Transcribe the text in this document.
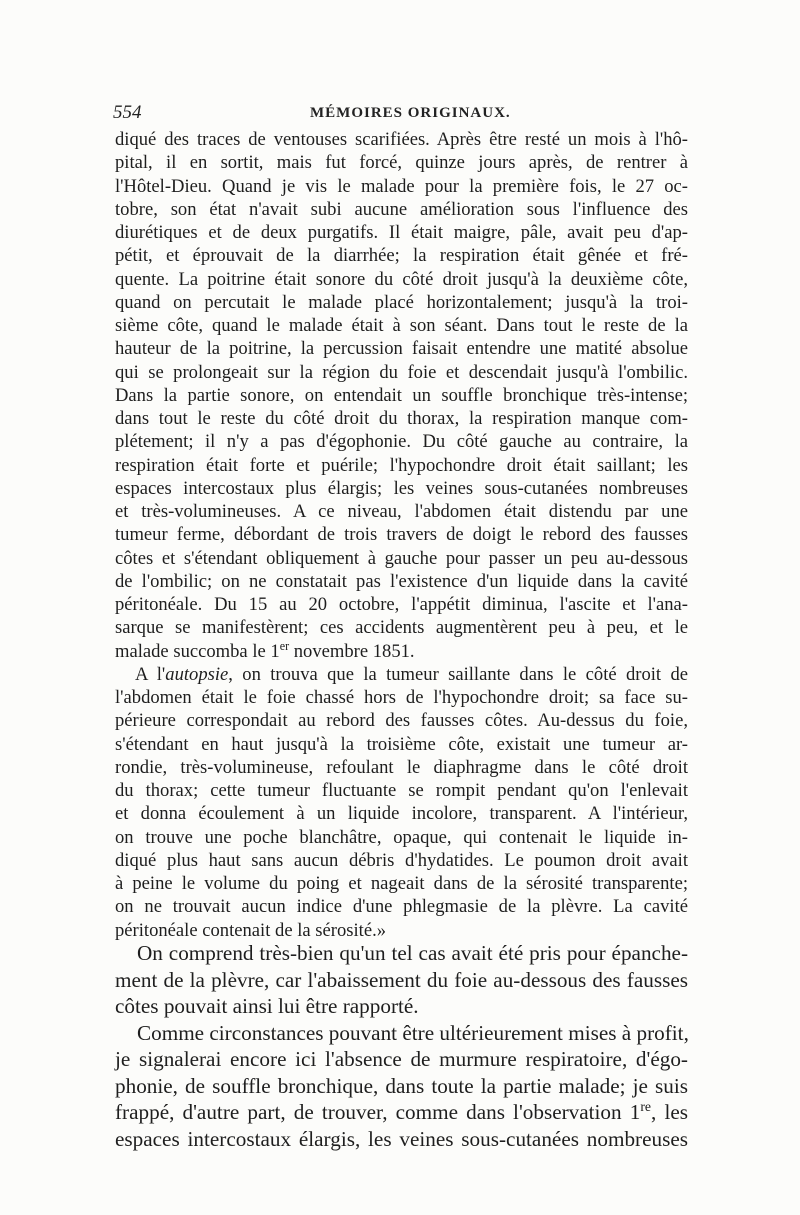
554	MÉMOIRES ORIGINAUX.
diqué des traces de ventouses scarifiées. Après être resté un mois à l'hô-
pital, il en sortit, mais fut forcé, quinze jours après, de rentrer à
l'Hôtel-Dieu. Quand je vis le malade pour la première fois, le 27 oc-
tobre, son état n'avait subi aucune amélioration sous l'influence des
diurétiques et de deux purgatifs. Il était maigre, pâle, avait peu d'ap-
pétit, et éprouvait de la diarrhée; la respiration était gênée et fré-
quente. La poitrine était sonore du côté droit jusqu'à la deuxième côte,
quand on percutait le malade placé horizontalement; jusqu'à la troi-
sième côte, quand le malade était à son séant. Dans tout le reste de la
hauteur de la poitrine, la percussion faisait entendre une matité absolue
qui se prolongeait sur la région du foie et descendait jusqu'à l'ombilic.
Dans la partie sonore, on entendait un souffle bronchique très-intense;
dans tout le reste du côté droit du thorax, la respiration manque com-
plétement; il n'y a pas d'égophonie. Du côté gauche au contraire, la
respiration était forte et puérile; l'hypochondre droit était saillant; les
espaces intercostaux plus élargis; les veines sous-cutanées nombreuses
et très-volumineuses. A ce niveau, l'abdomen était distendu par une
tumeur ferme, débordant de trois travers de doigt le rebord des fausses
côtes et s'étendant obliquement à gauche pour passer un peu au-dessous
de l'ombilic; on ne constatait pas l'existence d'un liquide dans la cavité
péritonéale. Du 15 au 20 octobre, l'appétit diminua, l'ascite et l'ana-
sarque se manifestèrent; ces accidents augmentèrent peu à peu, et le
malade succomba le 1er novembre 1851.
A l'autopsie, on trouva que la tumeur saillante dans le côté droit de
l'abdomen était le foie chassé hors de l'hypochondre droit; sa face su-
périeure correspondait au rebord des fausses côtes. Au-dessus du foie,
s'étendant en haut jusqu'à la troisième côte, existait une tumeur ar-
rondie, très-volumineuse, refoulant le diaphragme dans le côté droit
du thorax; cette tumeur fluctuante se rompit pendant qu'on l'enlevait
et donna écoulement à un liquide incolore, transparent. A l'intérieur,
on trouve une poche blanchâtre, opaque, qui contenait le liquide in-
diqué plus haut sans aucun débris d'hydatides. Le poumon droit avait
à peine le volume du poing et nageait dans de la sérosité transparente;
on ne trouvait aucun indice d'une phlegmasie de la plèvre. La cavité
péritonéale contenait de la sérosité.»
On comprend très-bien qu'un tel cas avait été pris pour épanche-
ment de la plèvre, car l'abaissement du foie au-dessous des fausses
côtes pouvait ainsi lui être rapporté.
Comme circonstances pouvant être ultérieurement mises à profit,
je signalerai encore ici l'absence de murmure respiratoire, d'égo-
phonie, de souffle bronchique, dans toute la partie malade; je suis
frappé, d'autre part, de trouver, comme dans l'observation 1re, les
espaces intercostaux élargis, les veines sous-cutanées nombreuses
